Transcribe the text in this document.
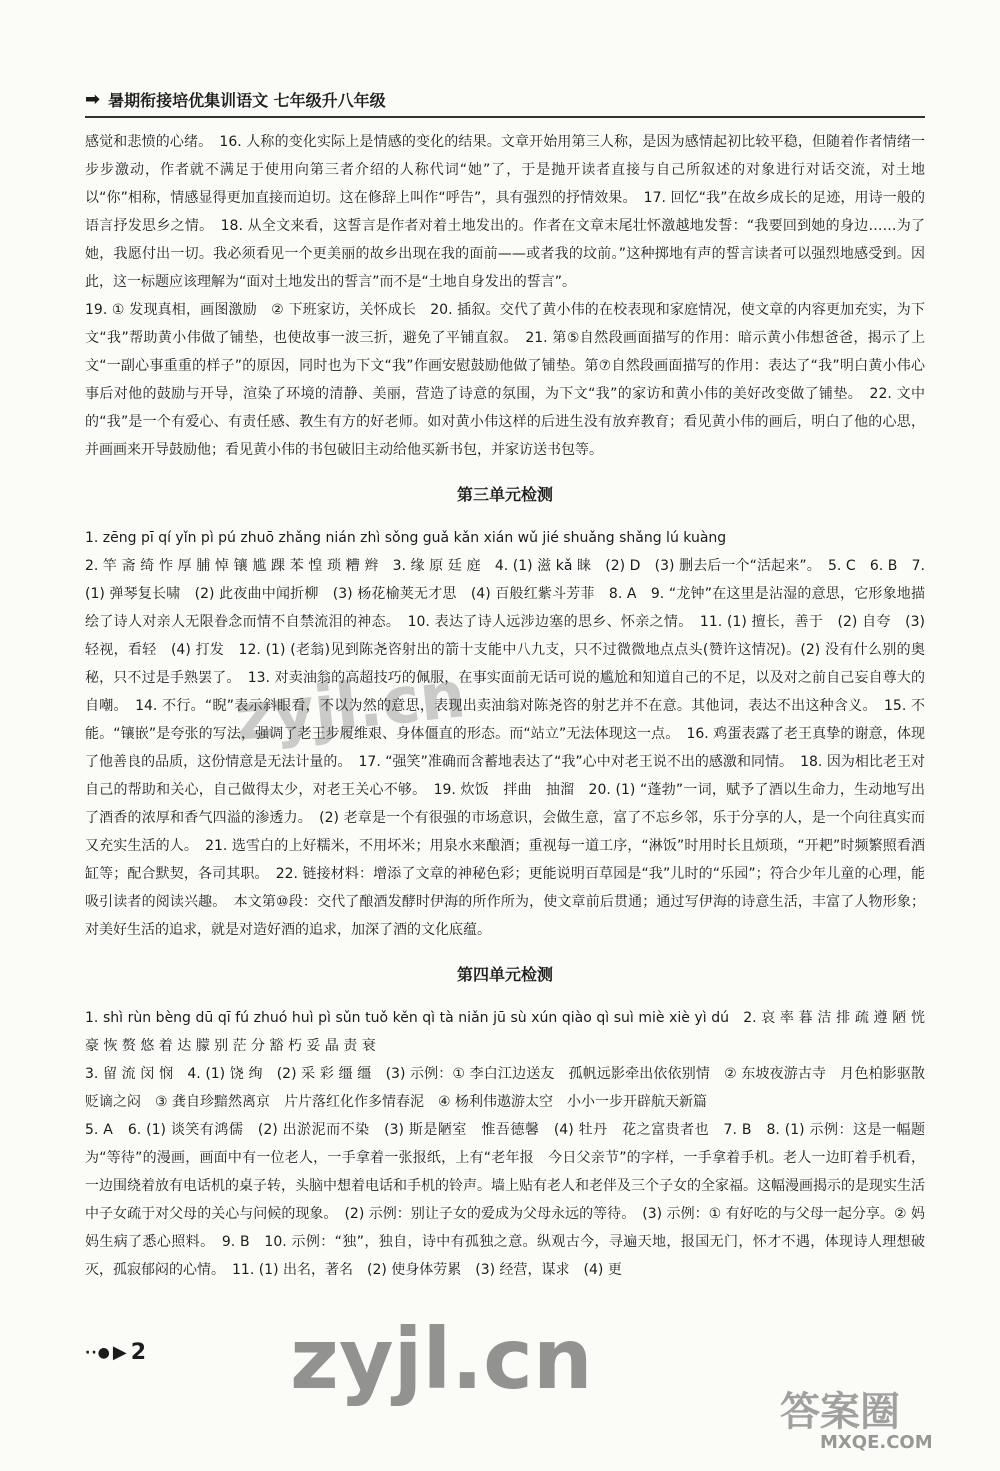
➡ 暑期衔接培优集训语文 七年级升八年级

感觉和悲愤的心绪。　16. 人称的变化实际上是情感的变化的结果。文章开始用第三人称，是因为感情起初比较平稳，但随着作者情绪一步步激动，作者就不满足于使用向第三者介绍的人称代词“她”了，于是抛开读者直接与自己所叙述的对象进行对话交流，对土地以“你”相称，情感显得更加直接而迫切。这在修辞上叫作“呼告”，具有强烈的抒情效果。　17. 回忆“我”在故乡成长的足迹，用诗一般的语言抒发思乡之情。　18. 从全文来看，这誓言是作者对着土地发出的。作者在文章末尾壮怀激越地发誓：“我要回到她的身边……为了她，我愿付出一切。我必须看见一个更美丽的故乡出现在我的面前——或者我的坟前。”这种掷地有声的誓言读者可以强烈地感受到。因此，这一标题应该理解为“面对土地发出的誓言”而不是“土地自身发出的誓言”。

19. ① 发现真相，画图激励　② 下班家访，关怀成长　20. 插叙。交代了黄小伟的在校表现和家庭情况，使文章的内容更加充实，为下文“我”帮助黄小伟做了铺垫，也使故事一波三折，避免了平铺直叙。　21. 第⑤自然段画面描写的作用：暗示黄小伟想爸爸，揭示了上文“一副心事重重的样子”的原因，同时也为下文“我”作画安慰鼓励他做了铺垫。第⑦自然段画面描写的作用：表达了“我”明白黄小伟心事后对他的鼓励与开导，渲染了环境的清静、美丽，营造了诗意的氛围，为下文“我”的家访和黄小伟的美好改变做了铺垫。　22. 文中的“我”是一个有爱心、有责任感、教生有方的好老师。如对黄小伟这样的后进生没有放弃教育；看见黄小伟的画后，明白了他的心思，并画画来开导鼓励他；看见黄小伟的书包破旧主动给他买新书包，并家访送书包等。

第三单元检测

1. zēng pī qí yǐn pì pú zhuō zhǎng nián zhì sǒng guǎ kǎn xián wǔ jié shuǎng shǎng lú kuàng

2. 竿 斋 绮 怍 厚 脯 悼 镶 尴 踝 苯 惶 琐 糟 辫　3. 缘 原 廷 庭　4. (1) 滋 kǎ 睐　(2) D　(3) 删去后一个“活起来”。　5. C　6. B　7. (1) 弹琴复长啸　(2) 此夜曲中闻折柳　(3) 杨花榆荚无才思　(4) 百般红紫斗芳菲　8. A　9. “龙钟”在这里是沾湿的意思，它形象地描绘了诗人对亲人无限眷念而情不自禁流泪的神态。　10. 表达了诗人远涉边塞的思乡、怀亲之情。　11. (1) 擅长，善于　(2) 自夸　(3) 轻视，看轻　(4) 打发　12. (1) (老翁)见到陈尧咨射出的箭十支能中八九支，只不过微微地点点头(赞许这情况)。(2) 没有什么别的奥秘，只不过是手熟罢了。　13. 对卖油翁的高超技巧的佩服，在事实面前无话可说的尴尬和知道自己的不足，以及对之前自己妄自尊大的自嘲。　14. 不行。“睨”表示斜眼看，不以为然的意思，表现出卖油翁对陈尧咨的射艺并不在意。其他词，表达不出这种含义。　15. 不能。“镶嵌”是夸张的写法，强调了老王步履维艰、身体僵直的形态。而“站立”无法体现这一点。　16. 鸡蛋表露了老王真挚的谢意，体现了他善良的品质，这份情意是无法计量的。　17. “强笑”准确而含蓄地表达了“我”心中对老王说不出的感激和同情。　18. 因为相比老王对自己的帮助和关心，自己做得太少，对老王关心不够。　19. 炊饭　拌曲　抽溜　20. (1) “蓬勃”一词，赋予了酒以生命力，生动地写出了酒香的浓厚和香气四溢的渗透力。　(2) 老章是一个有很强的市场意识，会做生意，富了不忘乡邻，乐于分享的人，是一个向往真实而又充实生活的人。　21. 选雪白的上好糯米，不用坏米；用泉水来酿酒；重视每一道工序，“淋饭”时用时长且烦琐，“开耙”时频繁照看酒缸等；配合默契，各司其职。　22. 链接材料：增添了文章的神秘色彩；更能说明百草园是“我”儿时的“乐园”；符合少年儿童的心理，能吸引读者的阅读兴趣。　本文第⑩段：交代了酿酒发酵时伊海的所作所为，使文章前后贯通；通过写伊海的诗意生活，丰富了人物形象；对美好生活的追求，就是对造好酒的追求，加深了酒的文化底蕴。

第四单元检测

1. shì rùn bèng dū qī fú zhuó huì pì sǔn tuǒ kěn qì tà niǎn jū sù xún qiào qì suì miè xiè yì dú　2. 哀 率 暮 洁 排 疏 遵 陋 恍 豪 恢 赘 悠 着 达 朦 别 茫 分 豁 朽 妥 晶 责 衰

3. 留 流 闵 悯　4. (1) 饶 绚　(2) 采 彩 缰 缰　(3) 示例：① 李白江边送友　孤帆远影牵出依依别情　② 东坡夜游古寺　月色柏影驱散贬谪之闷　③ 龚自珍黯然离京　片片落红化作多情春泥　④ 杨利伟遨游太空　小小一步开辟航天新篇

5. A　6. (1) 谈笑有鸿儒　(2) 出淤泥而不染　(3) 斯是陋室　惟吾德馨　(4) 牡丹　花之富贵者也　7. B　8. (1) 示例：这是一幅题为“等待”的漫画，画面中有一位老人，一手拿着一张报纸，上有“老年报　今日父亲节”的字样，一手拿着手机。老人一边盯着手机看，一边围绕着放有电话机的桌子转，头脑中想着电话和手机的铃声。墙上贴有老人和老伴及三个子女的全家福。这幅漫画揭示的是现实生活中子女疏于对父母的关心与问候的现象。　(2) 示例：别让子女的爱成为父母永远的等待。　(3) 示例：① 有好吃的与父母一起分享。② 妈妈生病了悉心照料。　9. B　10. 示例：“独”，独自，诗中有孤独之意。纵观古今，寻遍天地，报国无门，怀才不遇，体现诗人理想破灭，孤寂郁闷的心情。　11. (1) 出名，著名　(2) 使身体劳累　(3) 经营，谋求　(4) 更

··● ▶ 2
zyjl.cn
zyjl.cn
答案圈
MXQE.COM
